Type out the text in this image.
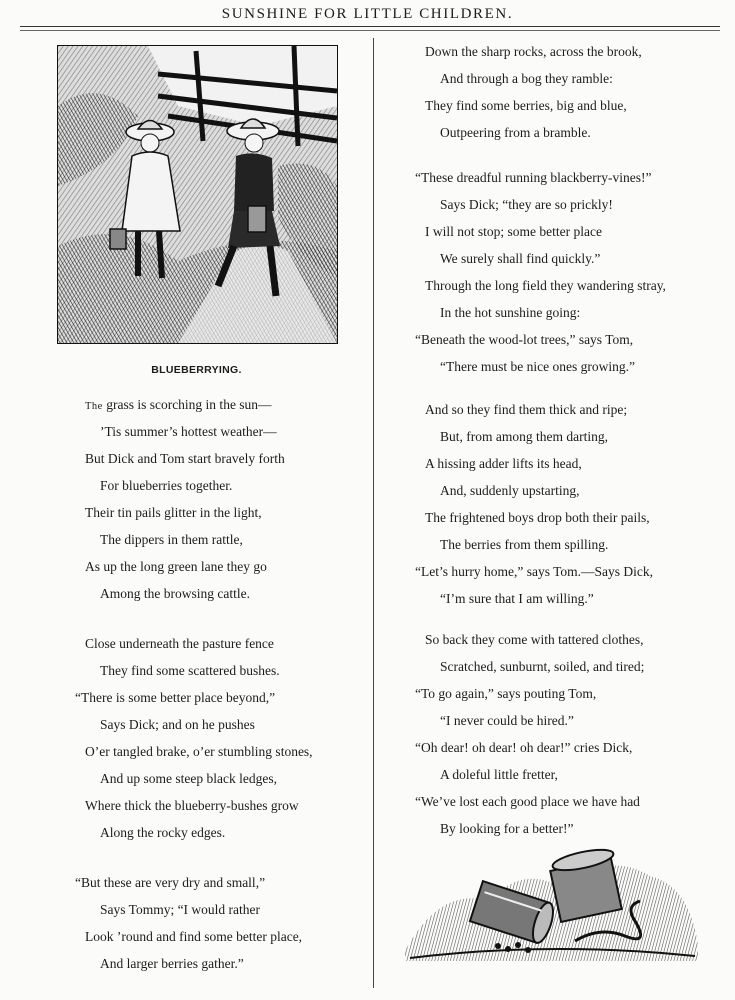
SUNSHINE FOR LITTLE CHILDREN.
BLUEBERRYING.
The grass is scorching in the sun—
’Tis summer’s hottest weather—
But Dick and Tom start bravely forth
For blueberries together.
Their tin pails glitter in the light,
The dippers in them rattle,
As up the long green lane they go
Among the browsing cattle.
Close underneath the pasture fence
They find some scattered bushes.
“There is some better place beyond,”
Says Dick; and on he pushes
O’er tangled brake, o’er stumbling stones,
And up some steep black ledges,
Where thick the blueberry-bushes grow
Along the rocky edges.
“But these are very dry and small,”
Says Tommy; “I would rather
Look ’round and find some better place,
And larger berries gather.”
Down the sharp rocks, across the brook,
And through a bog they ramble:
They find some berries, big and blue,
Outpeering from a bramble.
“These dreadful running blackberry-vines!”
Says Dick; “they are so prickly!
I will not stop; some better place
We surely shall find quickly.”
Through the long field they wandering stray,
In the hot sunshine going:
“Beneath the wood-lot trees,” says Tom,
“There must be nice ones growing.”
And so they find them thick and ripe;
But, from among them darting,
A hissing adder lifts its head,
And, suddenly upstarting,
The frightened boys drop both their pails,
The berries from them spilling.
“Let’s hurry home,” says Tom.—Says Dick,
“I’m sure that I am willing.”
So back they come with tattered clothes,
Scratched, sunburnt, soiled, and tired;
“To go again,” says pouting Tom,
“I never could be hired.”
“Oh dear! oh dear! oh dear!” cries Dick,
A doleful little fretter,
“We’ve lost each good place we have had
By looking for a better!”
